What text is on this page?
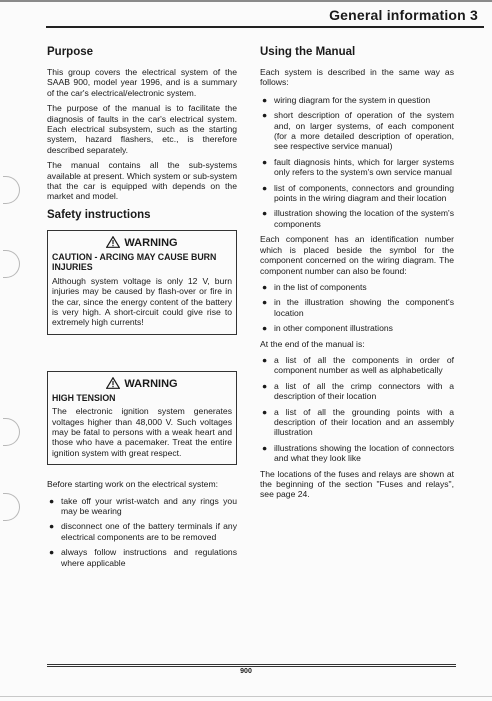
General information 3
Purpose

This group covers the electrical system of the SAAB 900, model year 1996, and is a summary of the car's electrical/electronic system.

The purpose of the manual is to facilitate the diagnosis of faults in the car's electrical system. Each electrical subsystem, such as the starting system, hazard flashers, etc., is therefore described separately.

The manual contains all the sub-systems available at present. Which system or sub-system that the car is equipped with depends on the market and model.

Safety instructions
WARNING
CAUTION - ARCING MAY CAUSE BURN INJURIES

Although system voltage is only 12 V, burn injuries may be caused by flash-over or fire in the car, since the energy content of the battery is very high. A short-circuit could give rise to extremely high currents!

WARNING
HIGH TENSION

The electronic ignition system generates voltages higher than 48,000 V. Such voltages may be fatal to persons with a weak heart and those who have a pacemaker. Treat the entire ignition system with great respect.

Before starting work on the electrical system:

● take off your wrist-watch and any rings you may be wearing
● disconnect one of the battery terminals if any electrical components are to be removed
● always follow instructions and regulations where applicable
Using the Manual

Each system is described in the same way as follows:

● wiring diagram for the system in question
● short description of operation of the system and, on larger systems, of each component (for a more detailed description of operation, see respective service manual)
● fault diagnosis hints, which for larger systems only refers to the system's own service manual
● list of components, connectors and grounding points in the wiring diagram and their location
● illustration showing the location of the system's components

Each component has an identification number which is placed beside the symbol for the component concerned on the wiring diagram. The component number can also be found:

● in the list of components
● in the illustration showing the component's location
● in other component illustrations

At the end of the manual is:

● a list of all the components in order of component number as well as alphabetically
● a list of all the crimp connectors with a description of their location
● a list of all the grounding points with a description of their location and an assembly illustration
● illustrations showing the location of connectors and what they look like

The locations of the fuses and relays are shown at the beginning of the section "Fuses and relays", see page 24.

900
